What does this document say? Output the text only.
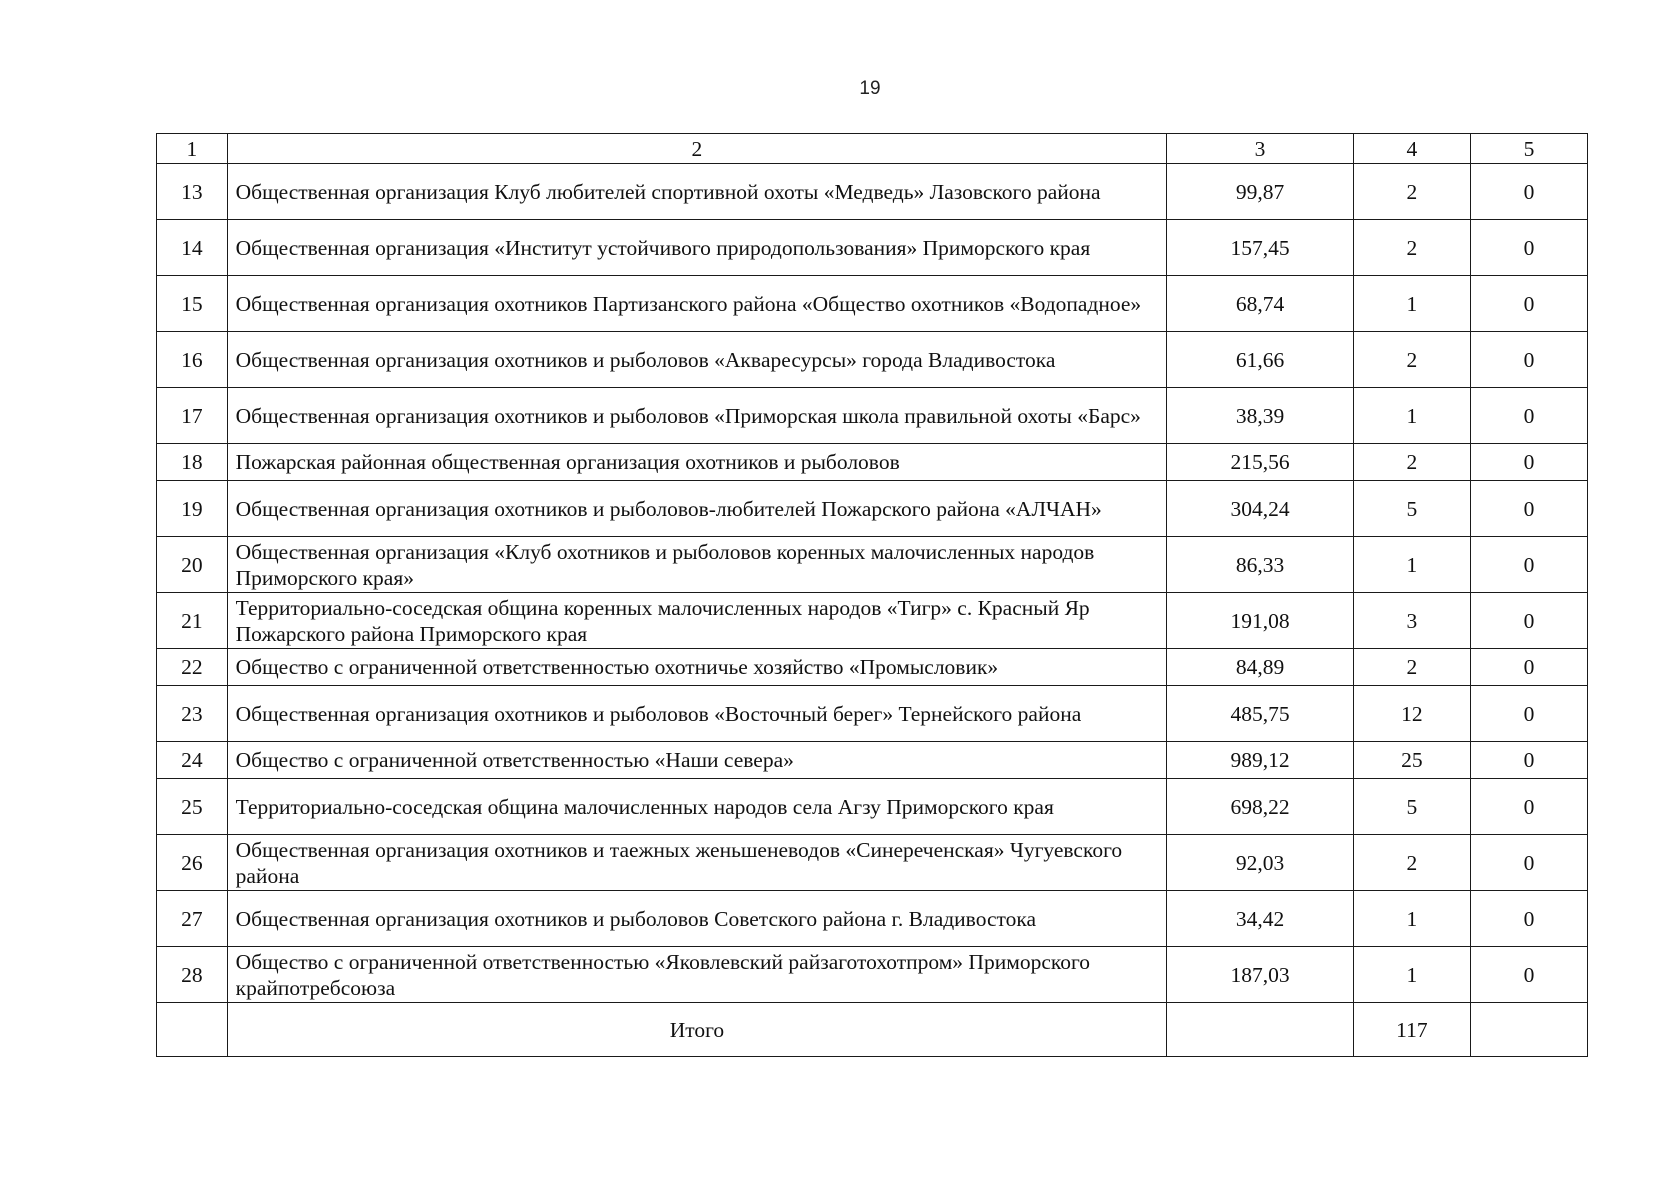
19
1	2	3	4	5
13	Общественная организация Клуб любителей спортивной охоты «Медведь» Лазовского района	99,87	2	0
14	Общественная организация «Институт устойчивого природопользования» Приморского края	157,45	2	0
15	Общественная организация охотников Партизанского района «Общество охотников «Водопадное»	68,74	1	0
16	Общественная организация охотников и рыболовов «Аквaресурсы» города Владивостока	61,66	2	0
17	Общественная организация охотников и рыболовов «Приморская школа правильной охоты «Барс»	38,39	1	0
18	Пожарская районная общественная организация охотников и рыболовов	215,56	2	0
19	Общественная организация охотников и рыболовов-любителей Пожарского района «АЛЧАН»	304,24	5	0
20	Общественная организация «Клуб охотников и рыболовов коренных малочисленных народов Приморского края»	86,33	1	0
21	Территориально-соседская община коренных малочисленных народов «Тигр» с. Красный Яр Пожарского района Приморского края	191,08	3	0
22	Общество с ограниченной ответственностью охотничье хозяйство «Промысловик»	84,89	2	0
23	Общественная организация охотников и рыболовов «Восточный берег» Тернейского района	485,75	12	0
24	Общество с ограниченной ответственностью «Наши севера»	989,12	25	0
25	Территориально-соседская община малочисленных народов села Агзу Приморского края	698,22	5	0
26	Общественная организация охотников и таежных женьшеневодов «Синереченская» Чугуевского района	92,03	2	0
27	Общественная организация охотников и рыболовов Советского района г. Владивостока	34,42	1	0
28	Общество с ограниченной ответственностью «Яковлевский райзаготохотпром» Приморского крайпотребсоюза	187,03	1	0
	Итого		117	
